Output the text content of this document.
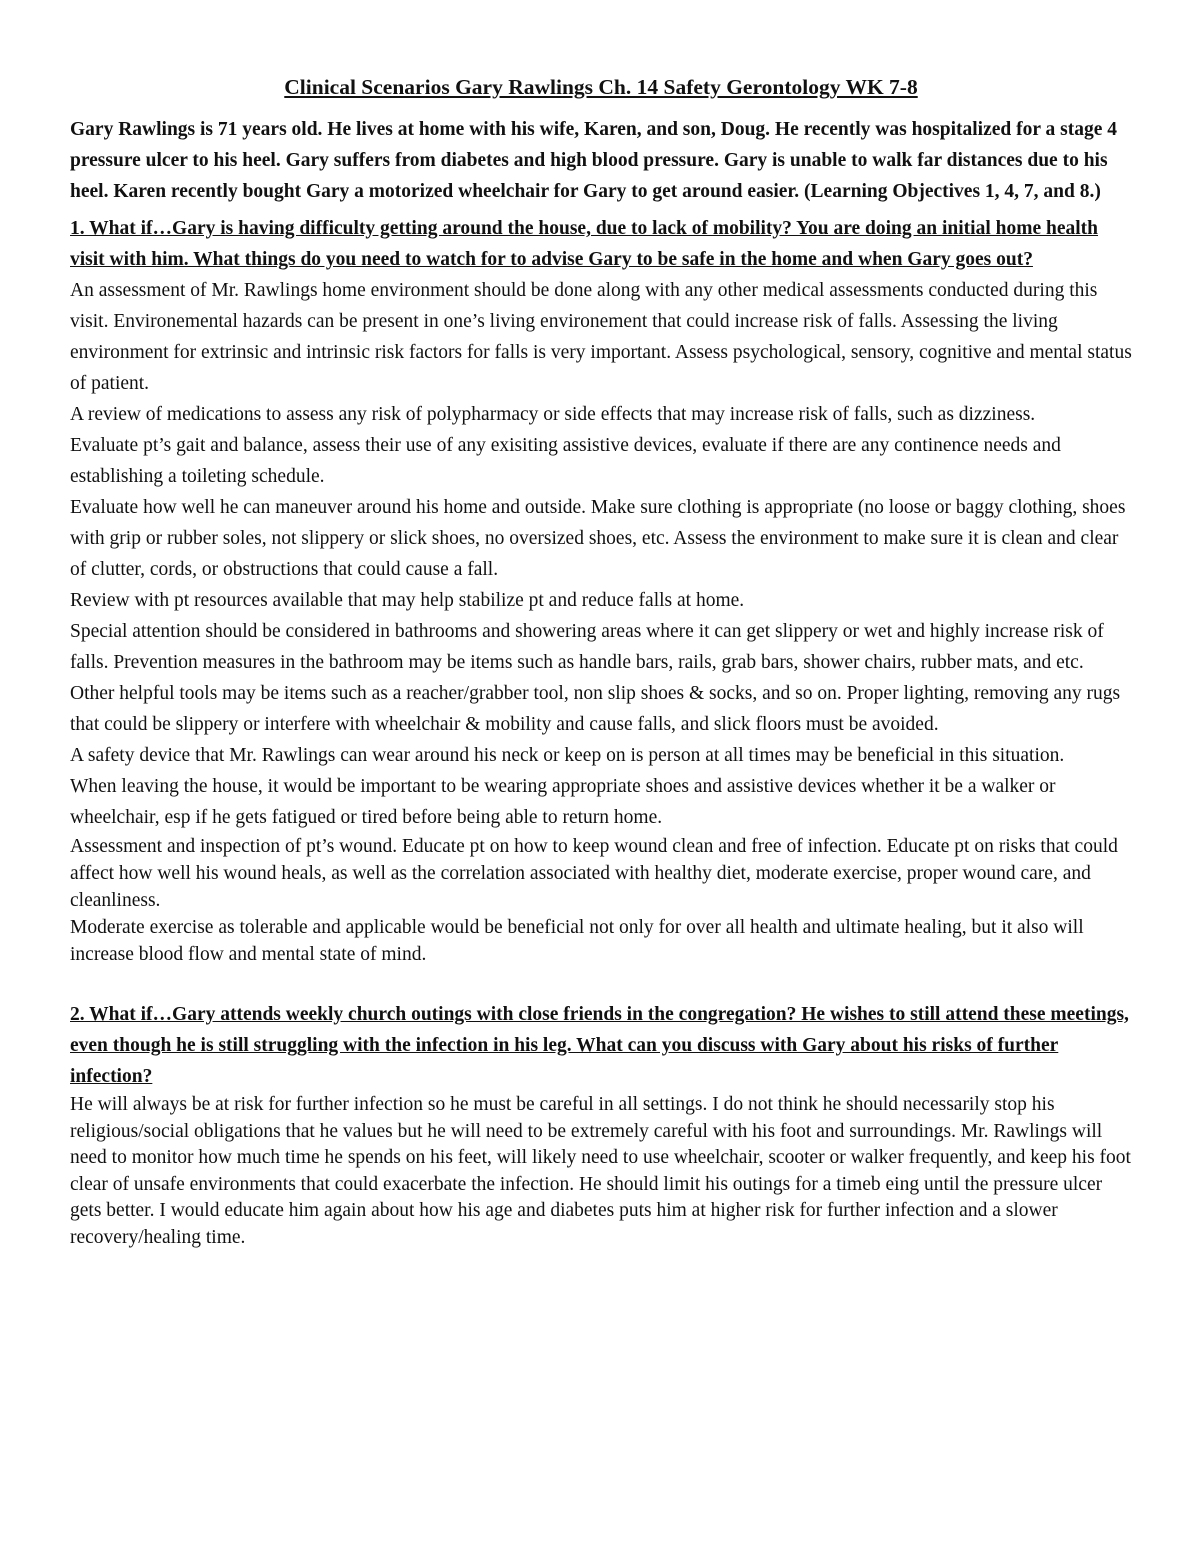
Clinical Scenarios Gary Rawlings Ch. 14 Safety Gerontology WK 7-8
Gary Rawlings is 71 years old. He lives at home with his wife, Karen, and son, Doug. He recently was hospitalized for a stage 4 pressure ulcer to his heel. Gary suffers from diabetes and high blood pressure. Gary is unable to walk far distances due to his heel. Karen recently bought Gary a motorized wheelchair for Gary to get around easier. (Learning Objectives 1, 4, 7, and 8.)
1. What if…Gary is having difficulty getting around the house, due to lack of mobility? You are doing an initial home health visit with him. What things do you need to watch for to advise Gary to be safe in the home and when Gary goes out?

An assessment of Mr. Rawlings home environment should be done along with any other medical assessments conducted during this visit. Environemental hazards can be present in one’s living environement that could increase risk of falls. Assessing the living environment for extrinsic and intrinsic risk factors for falls is very important. Assess psychological, sensory, cognitive and mental status of patient.

A review of medications to assess any risk of polypharmacy or side effects that may increase risk of falls, such as dizziness.

Evaluate pt’s gait and balance, assess their use of any exisiting assistive devices, evaluate if there are any continence needs and establishing a toileting schedule.

Evaluate how well he can maneuver around his home and outside. Make sure clothing is appropriate (no loose or baggy clothing, shoes with grip or rubber soles, not slippery or slick shoes, no oversized shoes, etc. Assess the environment to make sure it is clean and clear of clutter, cords, or obstructions that could cause a fall.

Review with pt resources available that may help stabilize pt and reduce falls at home.

Special attention should be considered in bathrooms and showering areas where it can get slippery or wet and highly increase risk of falls. Prevention measures in the bathroom may be items such as handle bars, rails, grab bars, shower chairs, rubber mats, and etc.

Other helpful tools may be items such as a reacher/grabber tool, non slip shoes & socks, and so on. Proper lighting, removing any rugs that could be slippery or interfere with wheelchair & mobility and cause falls, and slick floors must be avoided.

A safety device that Mr. Rawlings can wear around his neck or keep on is person at all times may be beneficial in this situation.

When leaving the house, it would be important to be wearing appropriate shoes and assistive devices whether it be a walker or wheelchair, esp if he gets fatigued or tired before being able to return home.

Assessment and inspection of pt’s wound. Educate pt on how to keep wound clean and free of infection. Educate pt on risks that could affect how well his wound heals, as well as the correlation associated with healthy diet, moderate exercise, proper wound care, and cleanliness.

Moderate exercise as tolerable and applicable would be beneficial not only for over all health and ultimate healing, but it also will increase blood flow and mental state of mind.

2. What if…Gary attends weekly church outings with close friends in the congregation? He wishes to still attend these meetings, even though he is still struggling with the infection in his leg. What can you discuss with Gary about his risks of further infection?

He will always be at risk for further infection so he must be careful in all settings. I do not think he should necessarily stop his religious/social obligations that he values but he will need to be extremely careful with his foot and surroundings. Mr. Rawlings will need to monitor how much time he spends on his feet, will likely need to use wheelchair, scooter or walker frequently, and keep his foot clear of unsafe environments that could exacerbate the infection. He should limit his outings for a timeb eing until the pressure ulcer gets better. I would educate him again about how his age and diabetes puts him at higher risk for further infection and a slower recovery/healing time.
